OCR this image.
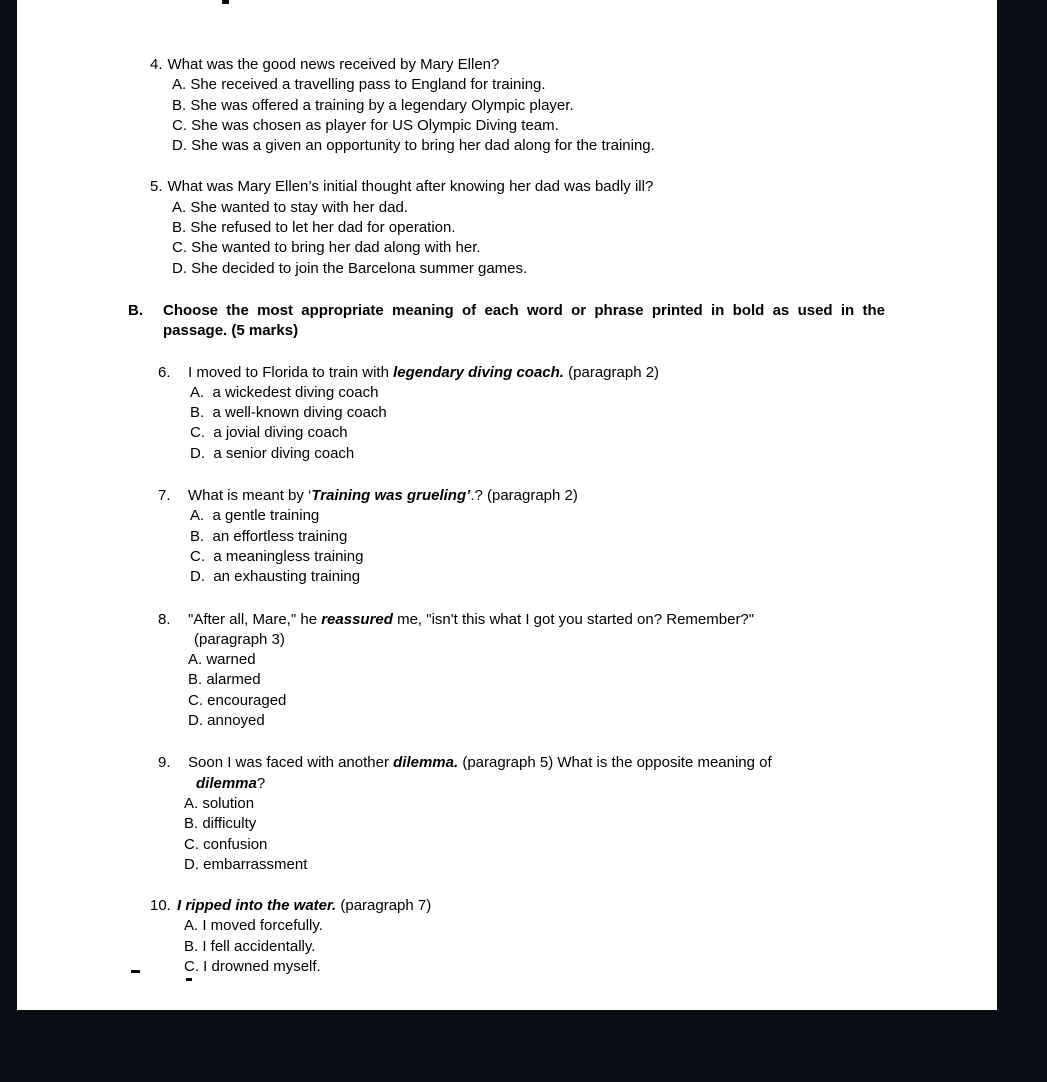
4. What was the good news received by Mary Ellen?
A. She received a travelling pass to England for training.
B. She was offered a training by a legendary Olympic player.
C. She was chosen as player for US Olympic Diving team.
D. She was a given an opportunity to bring her dad along for the training.
5. What was Mary Ellen’s initial thought after knowing her dad was badly ill?
A. She wanted to stay with her dad.
B. She refused to let her dad for operation.
C. She wanted to bring her dad along with her.
D. She decided to join the Barcelona summer games.
B.	Choose the most appropriate meaning of each word or phrase printed in bold as used in the passage. (5 marks)
6. I moved to Florida to train with legendary diving coach. (paragraph 2)
A.  a wickedest diving coach
B.  a well-known diving coach
C.  a jovial diving coach
D.  a senior diving coach
7. What is meant by ‘Training was grueling’.? (paragraph 2)
A.  a gentle training
B.  an effortless training
C.  a meaningless training
D.  an exhausting training
8. "After all, Mare," he reassured me, "isn't this what I got you started on? Remember?"
(paragraph 3)
A. warned
B. alarmed
C. encouraged
D. annoyed
9. Soon I was faced with another dilemma. (paragraph 5) What is the opposite meaning of
dilemma?
A. solution
B. difficulty
C. confusion
D. embarrassment
10. I ripped into the water. (paragraph 7)
A. I moved forcefully.
B. I fell accidentally.
C. I drowned myself.
